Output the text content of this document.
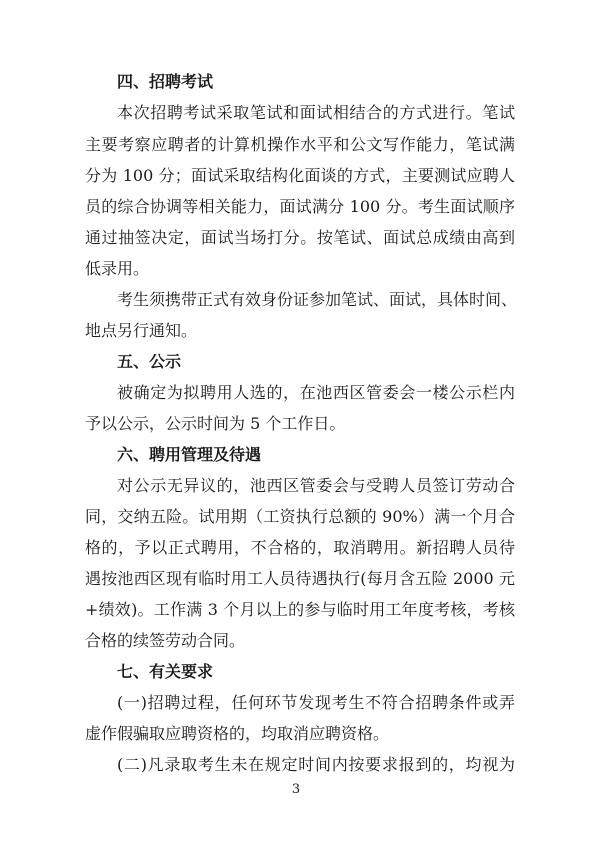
四、招聘考试
本次招聘考试采取笔试和面试相结合的方式进行。笔试
主要考察应聘者的计算机操作水平和公文写作能力，笔试满
分为 100 分；面试采取结构化面谈的方式，主要测试应聘人
员的综合协调等相关能力，面试满分 100 分。考生面试顺序
通过抽签决定，面试当场打分。按笔试、面试总成绩由高到
低录用。
考生须携带正式有效身份证参加笔试、面试，具体时间、
地点另行通知。
五、公示
被确定为拟聘用人选的，在池西区管委会一楼公示栏内
予以公示，公示时间为 5 个工作日。
六、聘用管理及待遇
对公示无异议的，池西区管委会与受聘人员签订劳动合
同，交纳五险。试用期（工资执行总额的 90%）满一个月合
格的，予以正式聘用，不合格的，取消聘用。新招聘人员待
遇按池西区现有临时用工人员待遇执行(每月含五险 2000 元
+绩效)。工作满 3 个月以上的参与临时用工年度考核，考核
合格的续签劳动合同。
七、有关要求
(一)招聘过程，任何环节发现考生不符合招聘条件或弄
虚作假骗取应聘资格的，均取消应聘资格。
(二)凡录取考生未在规定时间内按要求报到的，均视为
3
